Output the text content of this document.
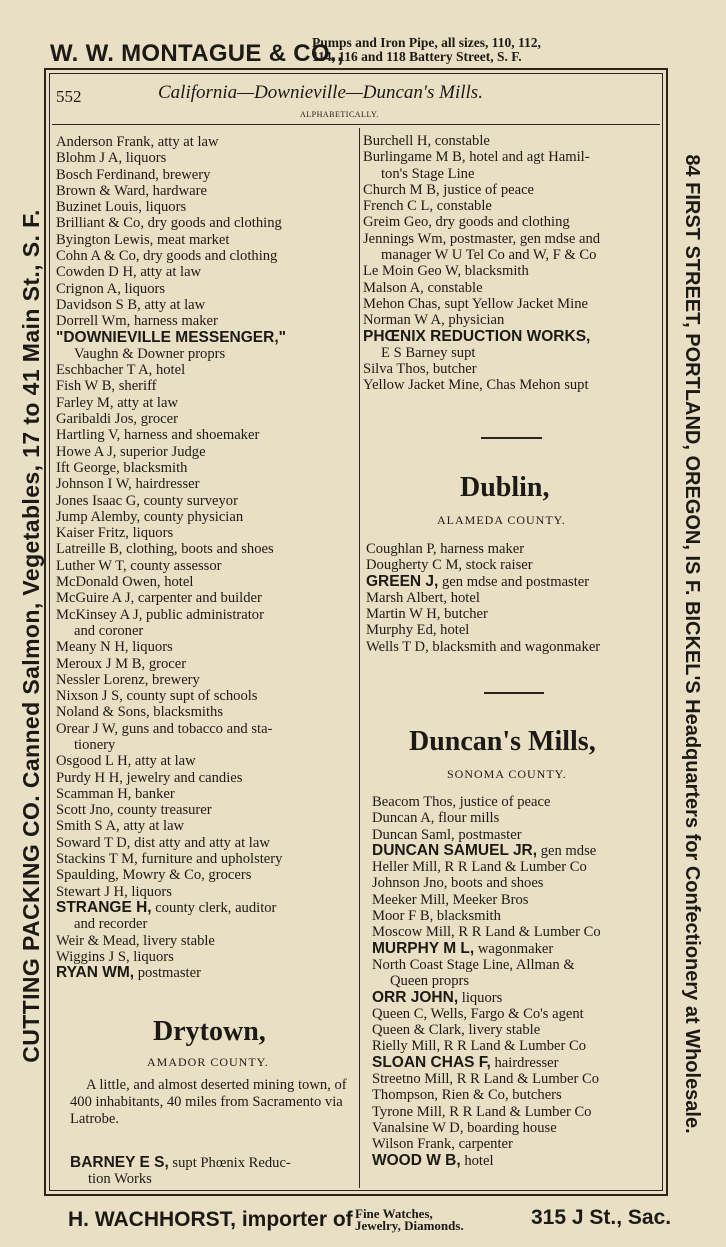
W. W. MONTAGUE & CO.,
Pumps and Iron Pipe, all sizes, 110, 112,
114, 116 and 118 Battery Street, S. F.
CUTTING PACKING CO. Canned Salmon, Vegetables, 17 to 41 Main St., S. F.	84 FIRST STREET, PORTLAND, OREGON, IS F. BICKEL'S Headquarters for Confectionery at Wholesale.
552	California—Downieville—Duncan's Mills.
ALPHABETICALLY.
Anderson Frank, atty at law
Blohm J A, liquors
Bosch Ferdinand, brewery
Brown & Ward, hardware
Buzinet Louis, liquors
Brilliant & Co, dry goods and clothing
Byington Lewis, meat market
Cohn A & Co, dry goods and clothing
Cowden D H, atty at law
Crignon A, liquors
Davidson S B, atty at law
Dorrell Wm, harness maker
"DOWNIEVILLE MESSENGER,"
Vaughn & Downer proprs
Eschbacher T A, hotel
Fish W B, sheriff
Farley M, atty at law
Garibaldi Jos, grocer
Hartling V, harness and shoemaker
Howe A J, superior Judge
Ift George, blacksmith
Johnson I W, hairdresser
Jones Isaac G, county surveyor
Jump Alemby, county physician
Kaiser Fritz, liquors
Latreille B, clothing, boots and shoes
Luther W T, county assessor
McDonald Owen, hotel
McGuire A J, carpenter and builder
McKinsey A J, public administrator
and coroner
Meany N H, liquors
Meroux J M B, grocer
Nessler Lorenz, brewery
Nixson J S, county supt of schools
Noland & Sons, blacksmiths
Orear J W, guns and tobacco and sta-
tionery
Osgood L H, atty at law
Purdy H H, jewelry and candies
Scamman H, banker
Scott Jno, county treasurer
Smith S A, atty at law
Soward T D, dist atty and atty at law
Stackins T M, furniture and upholstery
Spaulding, Mowry & Co, grocers
Stewart J H, liquors
STRANGE H, county clerk, auditor
and recorder
Weir & Mead, livery stable
Wiggins J S, liquors
RYAN WM, postmaster
Drytown,
AMADOR COUNTY.
A little, and almost deserted mining town, of 400 inhabitants, 40 miles from Sacramento via Latrobe.
BARNEY E S, supt Phœnix Reduc-
tion Works
Burchell H, constable
Burlingame M B, hotel and agt Hamil-
ton's Stage Line
Church M B, justice of peace
French C L, constable
Greim Geo, dry goods and clothing
Jennings Wm, postmaster, gen mdse and
manager W U Tel Co and W, F & Co
Le Moin Geo W, blacksmith
Malson A, constable
Mehon Chas, supt Yellow Jacket Mine
Norman W A, physician
PHŒNIX REDUCTION WORKS,
E S Barney supt
Silva Thos, butcher
Yellow Jacket Mine, Chas Mehon supt
Dublin,
ALAMEDA COUNTY.
Coughlan P, harness maker
Dougherty C M, stock raiser
GREEN J, gen mdse and postmaster
Marsh Albert, hotel
Martin W H, butcher
Murphy Ed, hotel
Wells T D, blacksmith and wagonmaker
Duncan's Mills,
SONOMA COUNTY.
Beacom Thos, justice of peace
Duncan A, flour mills
Duncan Saml, postmaster
DUNCAN SAMUEL JR, gen mdse
Heller Mill, R R Land & Lumber Co
Johnson Jno, boots and shoes
Meeker Mill, Meeker Bros
Moor F B, blacksmith
Moscow Mill, R R Land & Lumber Co
MURPHY M L, wagonmaker
North Coast Stage Line, Allman &
Queen proprs
ORR JOHN, liquors
Queen C, Wells, Fargo & Co's agent
Queen & Clark, livery stable
Rielly Mill, R R Land & Lumber Co
SLOAN CHAS F, hairdresser
Streetno Mill, R R Land & Lumber Co
Thompson, Rien & Co, butchers
Tyrone Mill, R R Land & Lumber Co
Vanalsine W D, boarding house
Wilson Frank, carpenter
WOOD W B, hotel
H. WACHHORST, importer of Fine Watches,
Jewelry, Diamonds.	315 J St., Sac.
